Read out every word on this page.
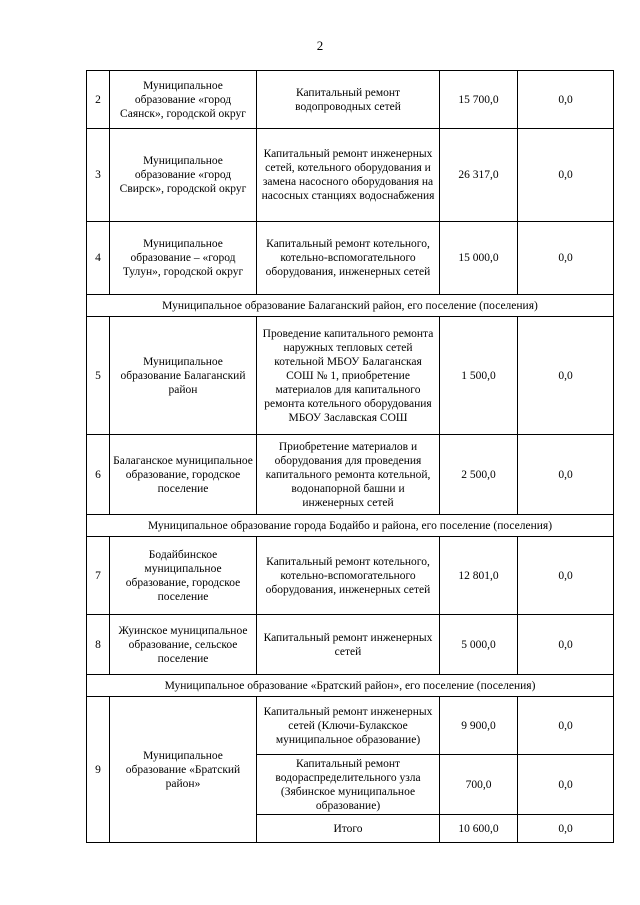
2
2	Муниципальное образование «город Саянск», городской округ	Капитальный ремонт водопроводных сетей	15 700,0	0,0
3	Муниципальное образование «город Свирск», городской округ	Капитальный ремонт инженерных сетей, котельного оборудования и замена насосного оборудования на насосных станциях водоснабжения	26 317,0	0,0
4	Муниципальное образование – «город Тулун», городской округ	Капитальный ремонт котельного, котельно-вспомогательного оборудования, инженерных сетей	15 000,0	0,0
Муниципальное образование Балаганский район, его поселение (поселения)				
5	Муниципальное образование Балаганский район	Проведение капитального ремонта наружных тепловых сетей котельной МБОУ Балаганская СОШ № 1, приобретение материалов для капитального ремонта котельного оборудования МБОУ Заславская СОШ	1 500,0	0,0
6	Балаганское муниципальное образование, городское поселение	Приобретение материалов и оборудования для проведения капитального ремонта котельной, водонапорной башни и инженерных сетей	2 500,0	0,0
Муниципальное образование города Бодайбо и района, его поселение (поселения)				
7	Бодайбинское муниципальное образование, городское поселение	Капитальный ремонт котельного, котельно-вспомогательного оборудования, инженерных сетей	12 801,0	0,0
8	Жуинское муниципальное образование, сельское поселение	Капитальный ремонт инженерных сетей	5 000,0	0,0
Муниципальное образование «Братский район», его поселение (поселения)				
9	Муниципальное образование «Братский район»	Капитальный ремонт инженерных сетей (Ключи-Булакское муниципальное образование)	9 900,0	0,0
		Капитальный ремонт водораспределительного узла (Зябинское муниципальное образование)	700,0	0,0
		Итого	10 600,0	0,0
